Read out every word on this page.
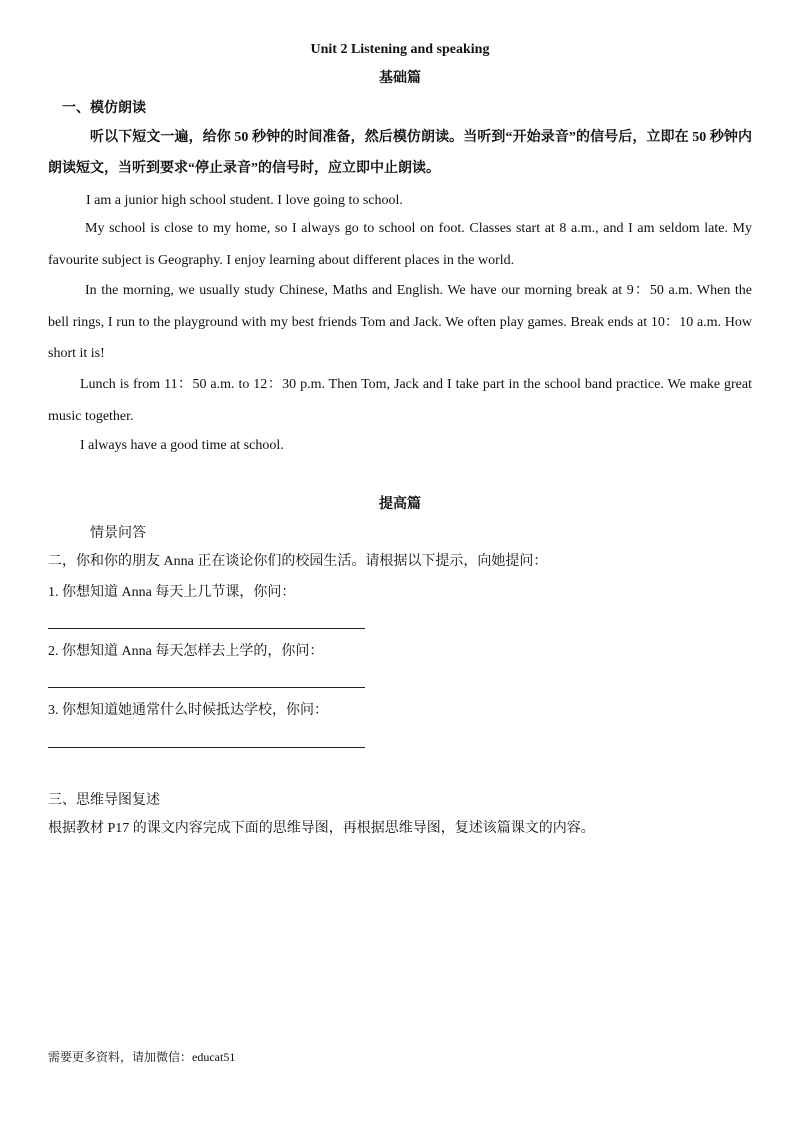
Unit 2 Listening and speaking
基础篇
一、模仿朗读
听以下短文一遍，给你 50 秒钟的时间准备，然后模仿朗读。当听到“开始录音”的信号后，立即在 50 秒钟内朗读短文，当听到要求“停止录音”的信号时，应立即中止朗读。
I am a junior high school student. I love going to school.
My school is close to my home, so I always go to school on foot. Classes start at 8 a.m., and I am seldom late. My favourite subject is Geography. I enjoy learning about different places in the world.
In the morning, we usually study Chinese, Maths and English. We have our morning break at 9：50 a.m. When the bell rings, I run to the playground with my best friends Tom and Jack. We often play games. Break ends at 10：10 a.m. How short it is!
Lunch is from 11：50 a.m. to 12：30 p.m. Then Tom, Jack and I take part in the school band practice. We make great music together.
I always have a good time at school.
提高篇
情景问答
二，你和你的朋友 Anna 正在谈论你们的校园生活。请根据以下提示，向她提问：
1. 你想知道 Anna 每天上几节课，你问：
2. 你想知道 Anna 每天怎样去上学的，你问：
3. 你想知道她通常什么时候抵达学校，你问：
三、思维导图复述
根据教材 P17 的课文内容完成下面的思维导图，再根据思维导图，复述该篇课文的内容。
需要更多资料，请加微信：educat51
